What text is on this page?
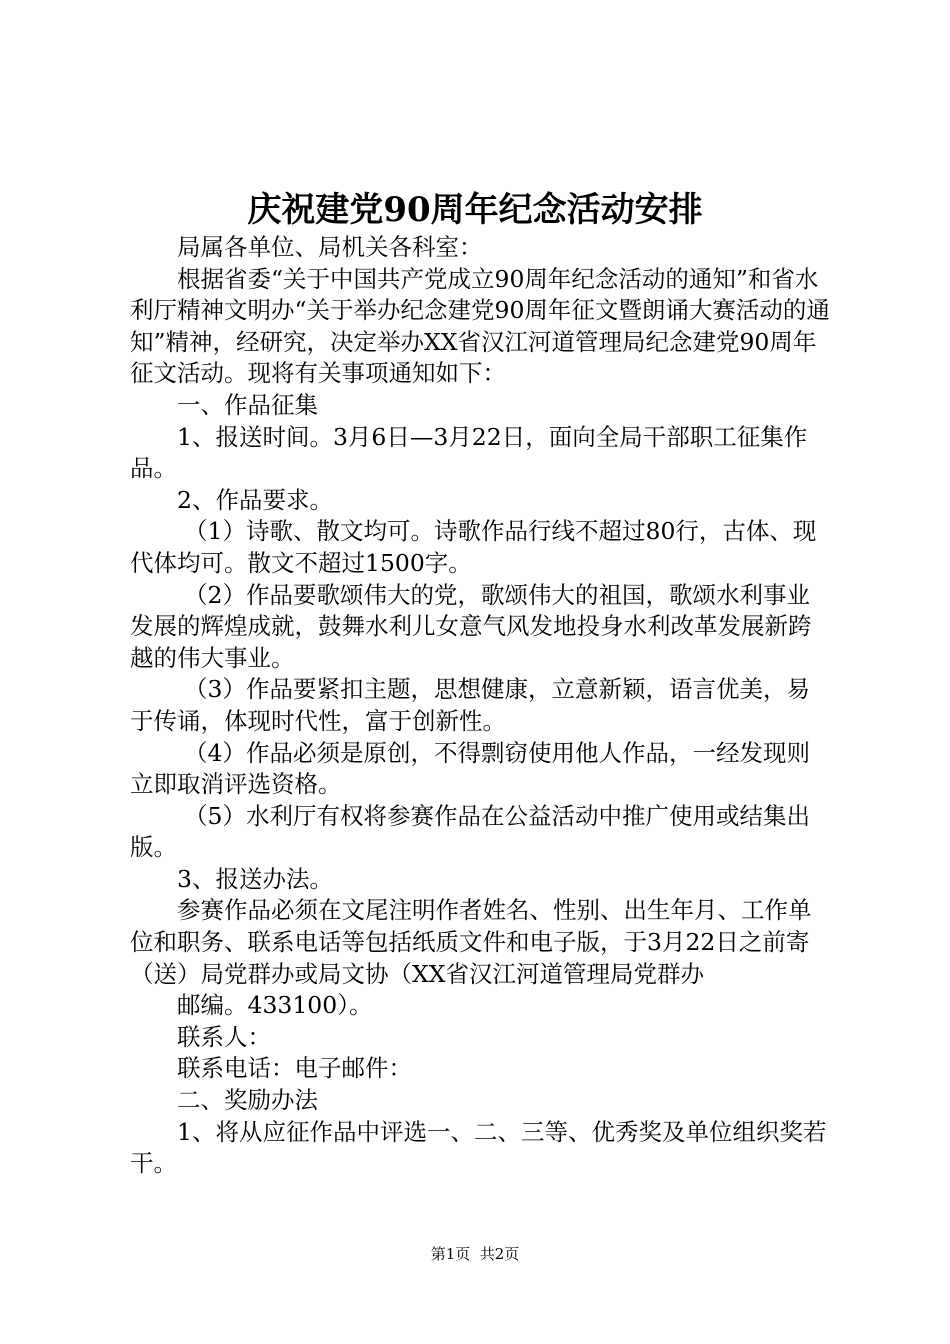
庆祝建党90周年纪念活动安排

局属各单位、局机关各科室：

根据省委“关于中国共产党成立90周年纪念活动的通知”和省水利厅精神文明办“关于举办纪念建党90周年征文暨朗诵大赛活动的通知”精神，经研究，决定举办XX省汉江河道管理局纪念建党90周年征文活动。现将有关事项通知如下：

一、作品征集

1、报送时间。3月6日—3月22日，面向全局干部职工征集作品。

2、作品要求。

（1）诗歌、散文均可。诗歌作品行线不超过80行，古体、现代体均可。散文不超过1500字。

（2）作品要歌颂伟大的党，歌颂伟大的祖国，歌颂水利事业发展的辉煌成就，鼓舞水利儿女意气风发地投身水利改革发展新跨越的伟大事业。

（3）作品要紧扣主题，思想健康，立意新颖，语言优美，易于传诵，体现时代性，富于创新性。

（4）作品必须是原创，不得剽窃使用他人作品，一经发现则立即取消评选资格。

（5）水利厅有权将参赛作品在公益活动中推广使用或结集出版。

3、报送办法。

参赛作品必须在文尾注明作者姓名、性别、出生年月、工作单位和职务、联系电话等包括纸质文件和电子版，于3月22日之前寄（送）局党群办或局文协（XX省汉江河道管理局党群办

邮编。433100）。

联系人：

联系电话：电子邮件：

二、奖励办法

1、将从应征作品中评选一、二、三等、优秀奖及单位组织奖若干。

第1页  共2页
